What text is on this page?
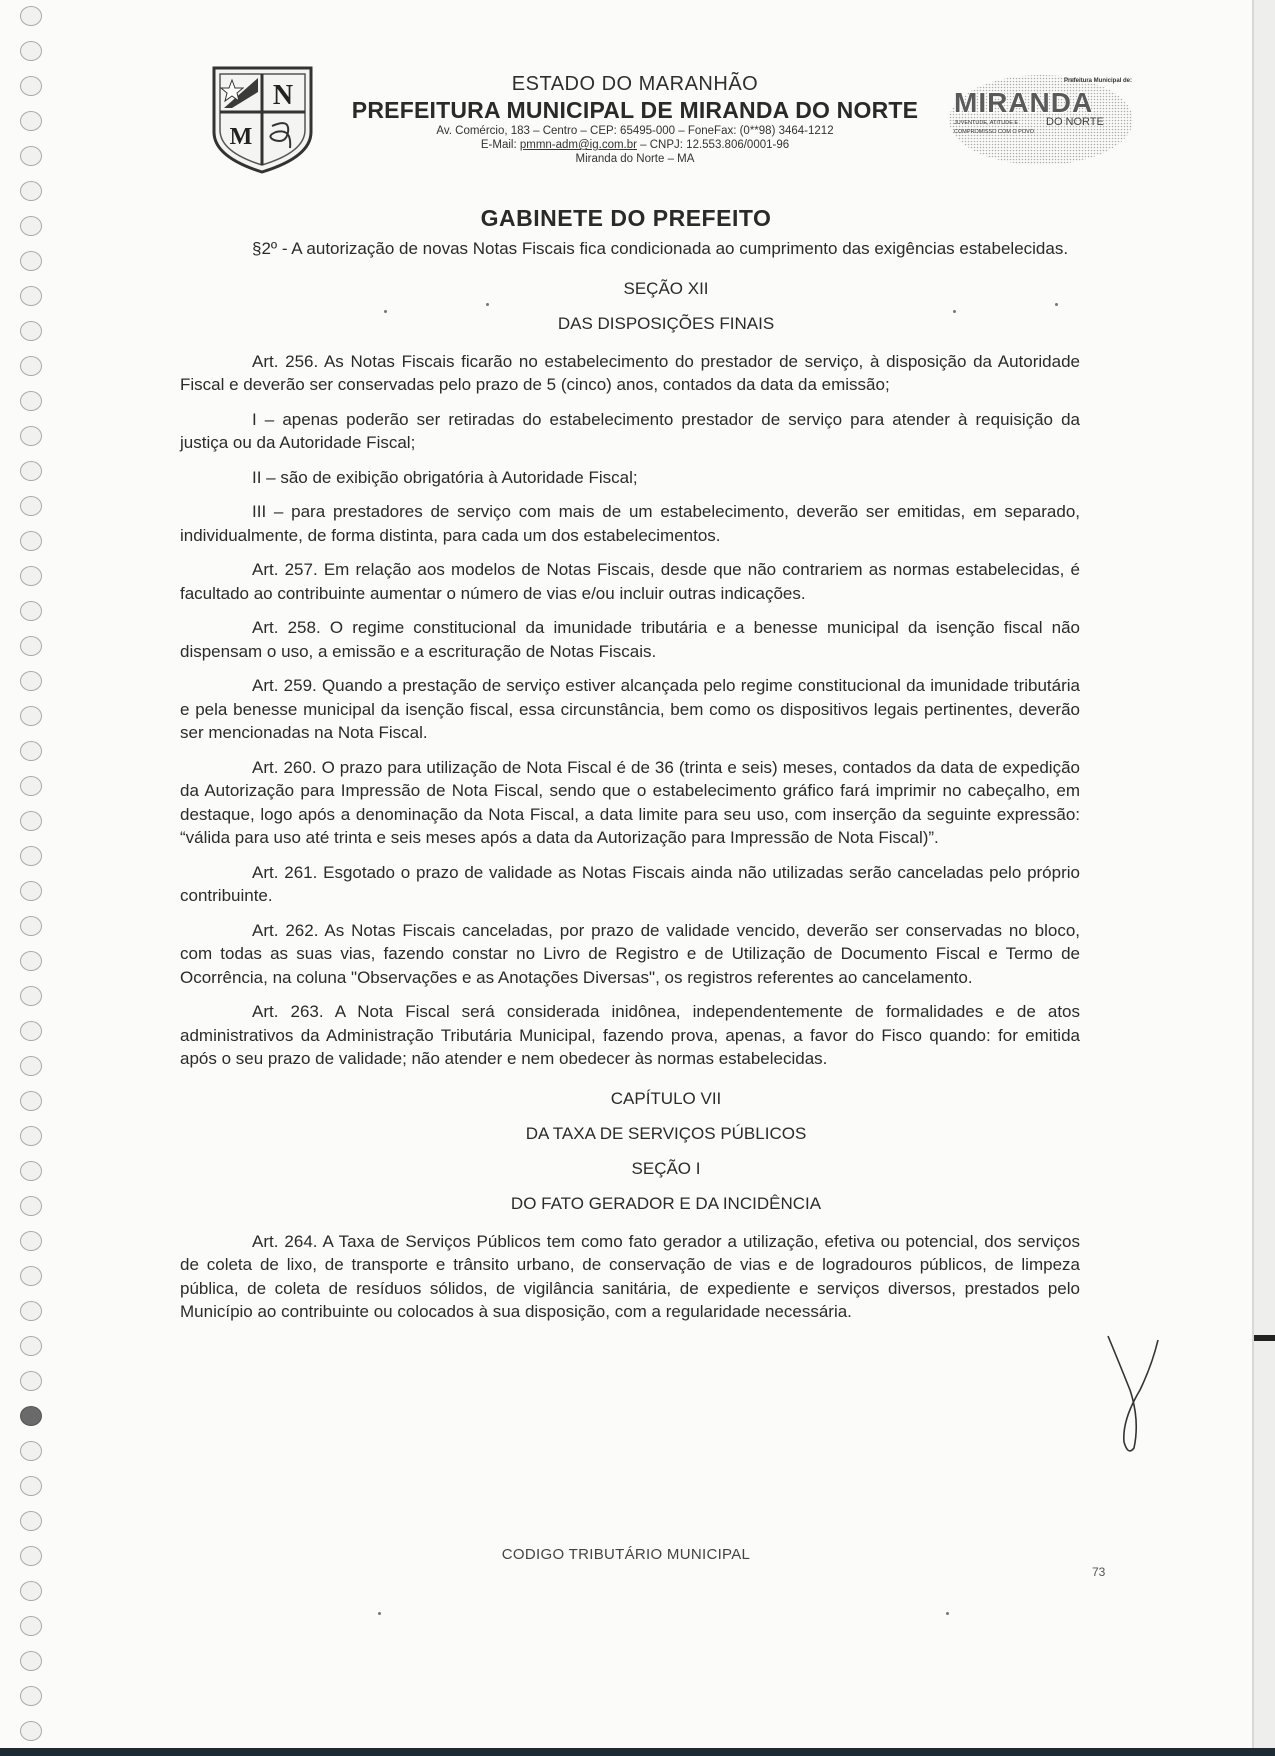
N
M
ESTADO DO MARANHÃO
PREFEITURA MUNICIPAL DE MIRANDA DO NORTE
Av. Comércio, 183 – Centro – CEP: 65495-000 – FoneFax: (0**98) 3464-1212
E-Mail: pmmn-adm@ig.com.br – CNPJ: 12.553.806/0001-96
Miranda do Norte – MA
Prefeitura Municipal de:
MIRANDA
JUVENTUDE, ATITUDE E	DO NORTE
COMPROMISSO COM O POVO
GABINETE DO PREFEITO

§2º - A autorização de novas Notas Fiscais fica condicionada ao cumprimento das exigências estabelecidas.

SEÇÃO XII

DAS DISPOSIÇÕES FINAIS

Art. 256. As Notas Fiscais ficarão no estabelecimento do prestador de serviço, à disposição da Autoridade Fiscal e deverão ser conservadas pelo prazo de 5 (cinco) anos, contados da data da emissão;

I – apenas poderão ser retiradas do estabelecimento prestador de serviço para atender à requisição da justiça ou da Autoridade Fiscal;

II – são de exibição obrigatória à Autoridade Fiscal;

III – para prestadores de serviço com mais de um estabelecimento, deverão ser emitidas, em separado, individualmente, de forma distinta, para cada um dos estabelecimentos.

Art. 257. Em relação aos modelos de Notas Fiscais, desde que não contrariem as normas estabelecidas, é facultado ao contribuinte aumentar o número de vias e/ou incluir outras indicações.

Art. 258. O regime constitucional da imunidade tributária e a benesse municipal da isenção fiscal não dispensam o uso, a emissão e a escrituração de Notas Fiscais.

Art. 259. Quando a prestação de serviço estiver alcançada pelo regime constitucional da imunidade tributária e pela benesse municipal da isenção fiscal, essa circunstância, bem como os dispositivos legais pertinentes, deverão ser mencionadas na Nota Fiscal.

Art. 260. O prazo para utilização de Nota Fiscal é de 36 (trinta e seis) meses, contados da data de expedição da Autorização para Impressão de Nota Fiscal, sendo que o estabelecimento gráfico fará imprimir no cabeçalho, em destaque, logo após a denominação da Nota Fiscal, a data limite para seu uso, com inserção da seguinte expressão: “válida para uso até trinta e seis meses após a data da Autorização para Impressão de Nota Fiscal)”.

Art. 261. Esgotado o prazo de validade as Notas Fiscais ainda não utilizadas serão canceladas pelo próprio contribuinte.

Art. 262. As Notas Fiscais canceladas, por prazo de validade vencido, deverão ser conservadas no bloco, com todas as suas vias, fazendo constar no Livro de Registro e de Utilização de Documento Fiscal e Termo de Ocorrência, na coluna "Observações e as Anotações Diversas", os registros referentes ao cancelamento.

Art. 263. A Nota Fiscal será considerada inidônea, independentemente de formalidades e de atos administrativos da Administração Tributária Municipal, fazendo prova, apenas, a favor do Fisco quando: for emitida após o seu prazo de validade; não atender e nem obedecer às normas estabelecidas.

CAPÍTULO VII

DA TAXA DE SERVIÇOS PÚBLICOS

SEÇÃO I

DO FATO GERADOR E DA INCIDÊNCIA

Art. 264. A Taxa de Serviços Públicos tem como fato gerador a utilização, efetiva ou potencial, dos serviços de coleta de lixo, de transporte e trânsito urbano, de conservação de vias e de logradouros públicos, de limpeza pública, de coleta de resíduos sólidos, de vigilância sanitária, de expediente e serviços diversos, prestados pelo Município ao contribuinte ou colocados à sua disposição, com a regularidade necessária.

CODIGO TRIBUTÁRIO MUNICIPAL
73
